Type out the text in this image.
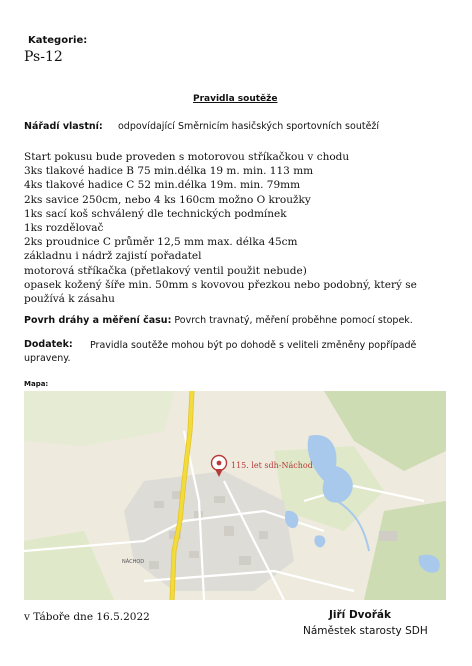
Kategorie:
Ps-12
Pravidla soutěže
Nářadí vlastní: odpovídající Směrnicím hasičských sportovních soutěží
Start pokusu bude proveden s motorovou stříkačkou v chodu
3ks tlakové hadice B 75 min.délka 19 m. min. 113 mm
4ks tlakové hadice C 52 min.délka 19m. min. 79mm
2ks savice 250cm, nebo 4 ks 160cm možno O kroužky
1ks sací koš schválený dle technických podmínek
1ks rozdělovač
2ks proudnice C průměr 12,5 mm max. délka 45cm
základnu i nádrž zajistí pořadatel
motorová stříkačka (přetlakový ventil použit nebude)
opasek kožený šíře min. 50mm s kovovou přezkou nebo podobný, který se používá k zásahu
Povrh dráhy a měření času: Povrch travnatý, měření proběhne pomocí stopek.
Dodatek:	Pravidla soutěže mohou být po dohodě s veliteli změněny popřípadě upraveny.
Mapa:
115. let sdh-Náchod
NÁCHOD
v Táboře dne 16.5.2022	Jiří Dvořák
Náměstek starosty SDH
